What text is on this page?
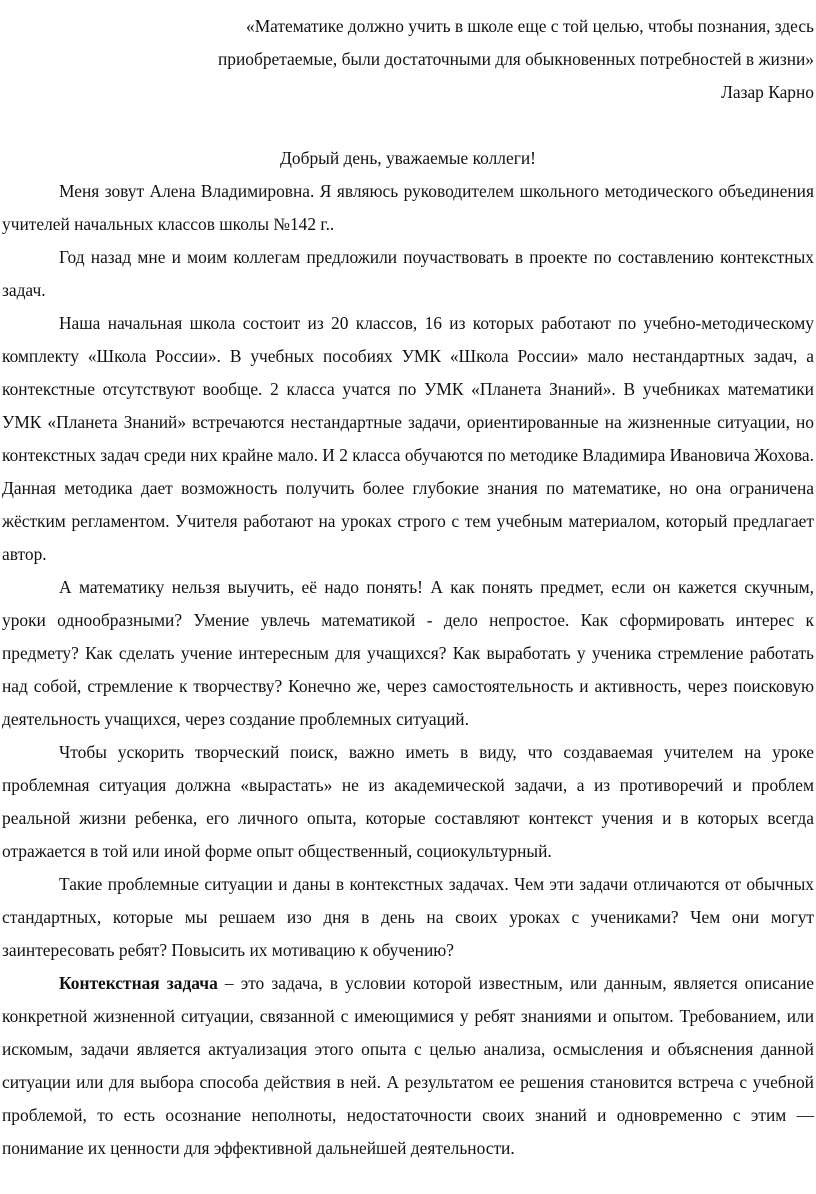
«Математике должно учить в школе еще с той целью, чтобы познания, здесь

приобретаемые, были достаточными для обыкновенных потребностей в жизни»

Лазар Карно

Добрый день, уважаемые коллеги!

Меня зовут Алена Владимировна. Я являюсь руководителем школьного методического объединения учителей начальных классов школы №142 г..

Год назад мне и моим коллегам предложили поучаствовать в проекте по составлению контекстных задач.

Наша начальная школа состоит из 20 классов, 16 из которых работают по учебно-методическому комплекту «Школа России». В учебных пособиях УМК «Школа России» мало нестандартных задач, а контекстные отсутствуют вообще. 2 класса учатся по УМК «Планета Знаний». В учебниках математики УМК «Планета Знаний» встречаются нестандартные задачи, ориентированные на жизненные ситуации, но контекстных задач среди них крайне мало. И 2 класса обучаются по методике Владимира Ивановича Жохова. Данная методика дает возможность получить более глубокие знания по математике, но она ограничена жёстким регламентом. Учителя работают на уроках строго с тем учебным материалом, который предлагает автор.

А математику нельзя выучить, её надо понять! А как понять предмет, если он кажется скучным, уроки однообразными? Умение увлечь математикой - дело непростое. Как сформировать интерес к предмету? Как сделать учение интересным для учащихся? Как выработать у ученика стремление работать над собой, стремление к творчеству? Конечно же, через самостоятельность и активность, через поисковую деятельность учащихся, через создание проблемных ситуаций.

Чтобы ускорить творческий поиск, важно иметь в виду, что создаваемая учителем на уроке проблемная ситуация должна «вырастать» не из академической задачи, а из противоречий и проблем реальной жизни ребенка, его личного опыта, которые составляют контекст учения и в которых всегда отражается в той или иной форме опыт общественный, социокультурный.

Такие проблемные ситуации и даны в контекстных задачах. Чем эти задачи отличаются от обычных стандартных, которые мы решаем изо дня в день на своих уроках с учениками? Чем они могут заинтересовать ребят? Повысить их мотивацию к обучению?

Контекстная задача – это задача, в условии которой известным, или данным, является описание конкретной жизненной ситуации, связанной с имеющимися у ребят знаниями и опытом. Требованием, или искомым, задачи является актуализация этого опыта с целью анализа, осмысления и объяснения данной ситуации или для выбора способа действия в ней. А результатом ее решения становится встреча с учебной проблемой, то есть осознание неполноты, недостаточности своих знаний и одновременно с этим — понимание их ценности для эффективной дальнейшей деятельности.
